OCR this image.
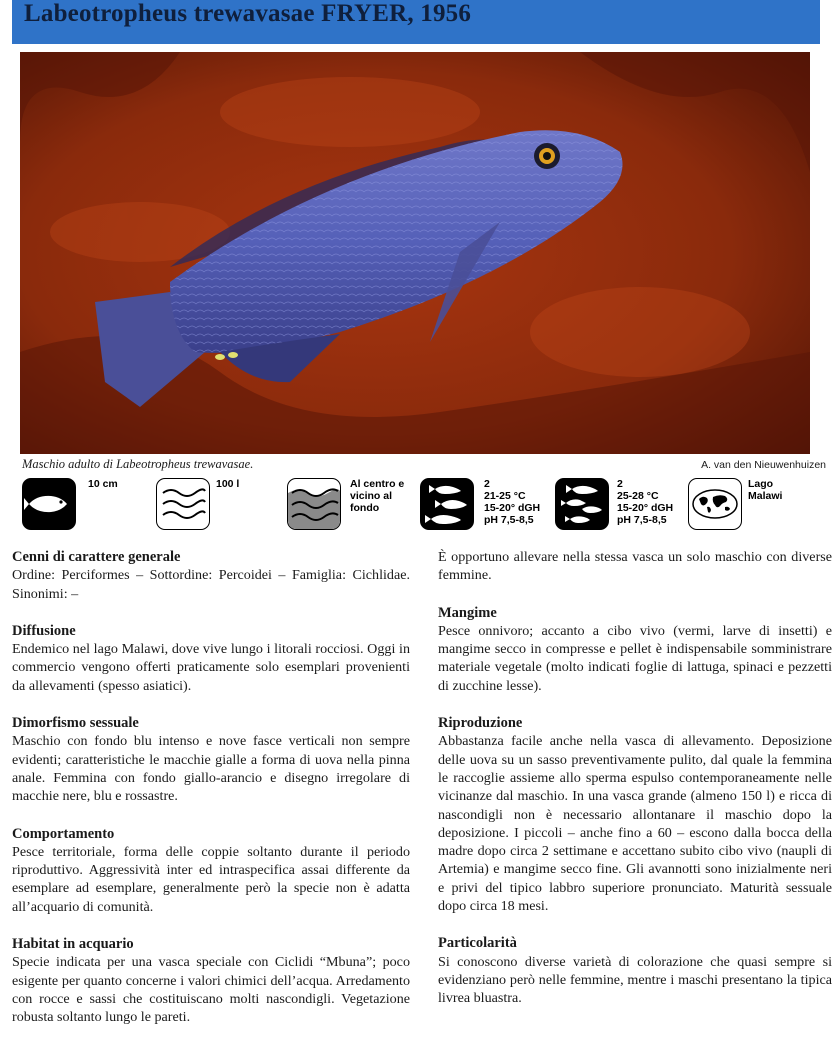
Labeotropheus trewavasae FRYER, 1956
Maschio adulto di Labeotropheus trewavasae.	A. van den Nieuwenhuizen
10 cm	100 l	Al centro e vicino al fondo
2
21-25 °C
15-20° dGH
pH 7,5-8,5
2
25-28 °C
15-20° dGH
pH 7,5-8,5
Lago Malawi
Cenni di carattere generale

Ordine: Perciformes – Sottordine: Percoidei – Famiglia: Cichlidae. Sinonimi: –

Diffusione

Endemico nel lago Malawi, dove vive lungo i litorali rocciosi. Oggi in commercio vengono offerti praticamente solo esemplari provenienti da allevamenti (spesso asiatici).

Dimorfismo sessuale

Maschio con fondo blu intenso e nove fasce verticali non sempre evidenti; caratteristiche le macchie gialle a forma di uova nella pinna anale. Femmina con fondo giallo-arancio e disegno irregolare di macchie nere, blu e rossastre.

Comportamento

Pesce territoriale, forma delle coppie soltanto durante il periodo riproduttivo. Aggressività inter ed intraspecifica assai differente da esemplare ad esemplare, generalmente però la specie non è adatta all’acquario di comunità.

Habitat in acquario

Specie indicata per una vasca speciale con Ciclidi “Mbuna”; poco esigente per quanto concerne i valori chimici dell’acqua. Arredamento con rocce e sassi che costituiscano molti nascondigli. Vegetazione robusta soltanto lungo le pareti.

È opportuno allevare nella stessa vasca un solo maschio con diverse femmine.

Mangime

Pesce onnivoro; accanto a cibo vivo (vermi, larve di insetti) e mangime secco in compresse e pellet è indispensabile somministrare materiale vegetale (molto indicati foglie di lattuga, spinaci e pezzetti di zucchine lesse).

Riproduzione

Abbastanza facile anche nella vasca di allevamento. Deposizione delle uova su un sasso preventivamente pulito, dal quale la femmina le raccoglie assieme allo sperma espulso contemporaneamente nelle vicinanze dal maschio. In una vasca grande (almeno 150 l) e ricca di nascondigli non è necessario allontanare il maschio dopo la deposizione. I piccoli – anche fino a 60 – escono dalla bocca della madre dopo circa 2 settimane e accettano subito cibo vivo (naupli di Artemia) e mangime secco fine. Gli avannotti sono inizialmente neri e privi del tipico labbro superiore pronunciato. Maturità sessuale dopo circa 18 mesi.

Particolarità

Si conoscono diverse varietà di colorazione che quasi sempre si evidenziano però nelle femmine, mentre i maschi presentano la tipica livrea bluastra.
